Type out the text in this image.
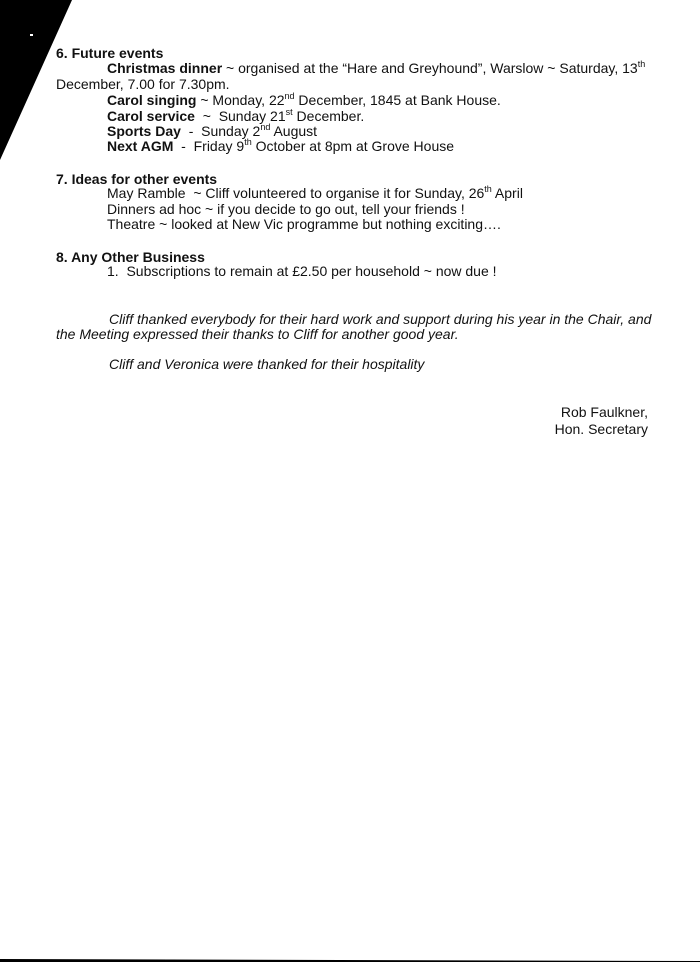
6. Future events
Christmas dinner ~ organised at the “Hare and Greyhound”, Warslow ~ Saturday, 13th
December, 7.00 for 7.30pm.
Carol singing ~ Monday, 22nd December, 1845 at Bank House.
Carol service  ~  Sunday 21st December.
Sports Day  -  Sunday 2nd August
Next AGM  -  Friday 9th October at 8pm at Grove House
7. Ideas for other events
May Ramble  ~ Cliff volunteered to organise it for Sunday, 26th April
Dinners ad hoc ~ if you decide to go out, tell your friends !
Theatre ~ looked at New Vic programme but nothing exciting….
8. Any Other Business
1.  Subscriptions to remain at £2.50 per household ~ now due !
Cliff thanked everybody for their hard work and support during his year in the Chair, and
the Meeting expressed their thanks to Cliff for another good year.
Cliff and Veronica were thanked for their hospitality
Rob Faulkner,
Hon. Secretary
